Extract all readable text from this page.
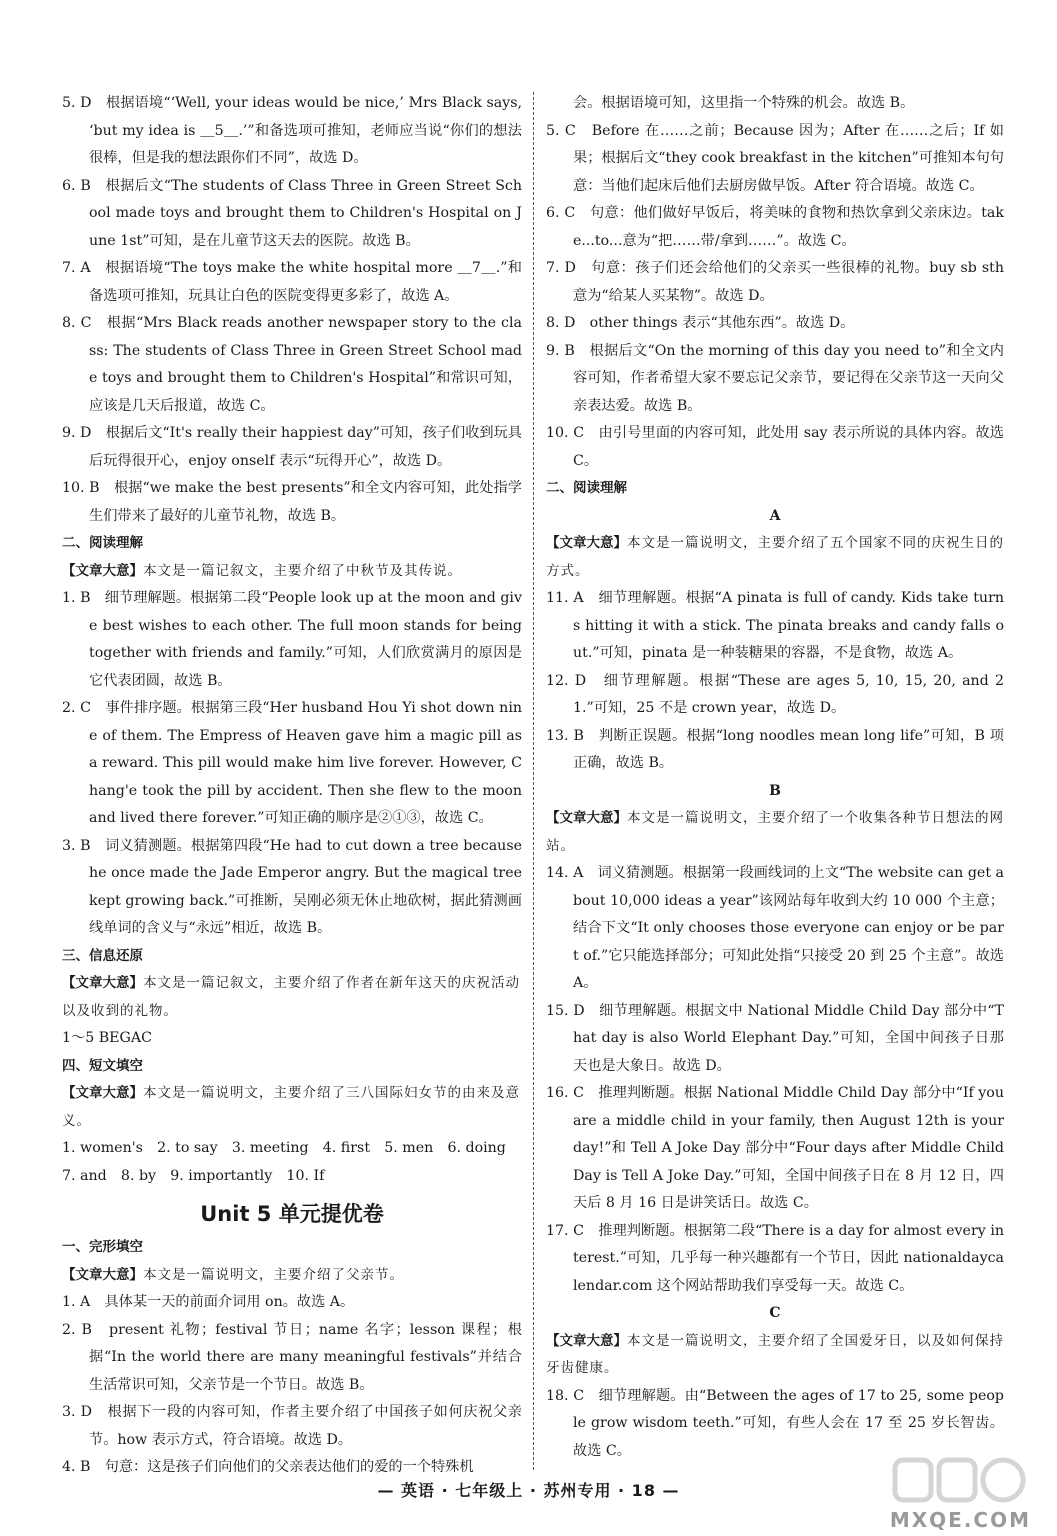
5. D　根据语境“‘Well, your ideas would be nice,’ Mrs Black says, ‘but my idea is ＿5＿.’”和备选项可推知，老师应当说“你们的想法很棒，但是我的想法跟你们不同”，故选 D。

6. B　根据后文“The students of Class Three in Green Street School made toys and brought them to Children's Hospital on June 1st”可知，是在儿童节这天去的医院。故选 B。

7. A　根据语境“The toys make the white hospital more ＿7＿.”和备选项可推知，玩具让白色的医院变得更多彩了，故选 A。

8. C　根据“Mrs Black reads another newspaper story to the class: The students of Class Three in Green Street School made toys and brought them to Children's Hospital”和常识可知，应该是几天后报道，故选 C。

9. D　根据后文“It's really their happiest day”可知，孩子们收到玩具后玩得很开心，enjoy onself 表示“玩得开心”，故选 D。

10. B　根据“we make the best presents”和全文内容可知，此处指学生们带来了最好的儿童节礼物，故选 B。

二、阅读理解

【文章大意】本文是一篇记叙文，主要介绍了中秋节及其传说。

1. B　细节理解题。根据第二段“People look up at the moon and give best wishes to each other. The full moon stands for being together with friends and family.”可知，人们欣赏满月的原因是它代表团圆，故选 B。

2. C　事件排序题。根据第三段“Her husband Hou Yi shot down nine of them. The Empress of Heaven gave him a magic pill as a reward. This pill would make him live forever. However, Chang'e took the pill by accident. Then she flew to the moon and lived there forever.”可知正确的顺序是②①③，故选 C。

3. B　词义猜测题。根据第四段“He had to cut down a tree because he once made the Jade Emperor angry. But the magical tree kept growing back.”可推断，吴刚必须无休止地砍树，据此猜测画线单词的含义与“永远”相近，故选 B。

三、信息还原

【文章大意】本文是一篇记叙文，主要介绍了作者在新年这天的庆祝活动以及收到的礼物。

1～5 BEGAC

四、短文填空

【文章大意】本文是一篇说明文，主要介绍了三八国际妇女节的由来及意义。

1. women's　2. to say　3. meeting　4. first　5. men　6. doing

7. and　8. by　9. importantly　10. If

Unit 5 单元提优卷

一、完形填空

【文章大意】本文是一篇说明文，主要介绍了父亲节。

1. A　具体某一天的前面介词用 on。故选 A。

2. B　present 礼物；festival 节日；name 名字；lesson 课程；根据“In the world there are many meaningful festivals”并结合生活常识可知，父亲节是一个节日。故选 B。

3. D　根据下一段的内容可知，作者主要介绍了中国孩子如何庆祝父亲节。how 表示方式，符合语境。故选 D。

4. B　句意：这是孩子们向他们的父亲表达他们的爱的一个特殊机

会。根据语境可知，这里指一个特殊的机会。故选 B。

5. C　Before 在……之前；Because 因为；After 在……之后；If 如果；根据后文“they cook breakfast in the kitchen”可推知本句句意：当他们起床后他们去厨房做早饭。After 符合语境。故选 C。

6. C　句意：他们做好早饭后，将美味的食物和热饮拿到父亲床边。take...to...意为“把……带/拿到……”。故选 C。

7. D　句意：孩子们还会给他们的父亲买一些很棒的礼物。buy sb sth 意为“给某人买某物”。故选 D。

8. D　other things 表示“其他东西”。故选 D。

9. B　根据后文“On the morning of this day you need to”和全文内容可知，作者希望大家不要忘记父亲节，要记得在父亲节这一天向父亲表达爱。故选 B。

10. C　由引号里面的内容可知，此处用 say 表示所说的具体内容。故选 C。

二、阅读理解

A

【文章大意】本文是一篇说明文，主要介绍了五个国家不同的庆祝生日的方式。

11. A　细节理解题。根据“A pinata is full of candy. Kids take turns hitting it with a stick. The pinata breaks and candy falls out.”可知，pinata 是一种装糖果的容器，不是食物，故选 A。

12. D　细节理解题。根据“These are ages 5, 10, 15, 20, and 21.”可知，25 不是 crown year，故选 D。

13. B　判断正误题。根据“long noodles mean long life”可知，B 项正确，故选 B。

B

【文章大意】本文是一篇说明文，主要介绍了一个收集各种节日想法的网站。

14. A　词义猜测题。根据第一段画线词的上文“The website can get about 10,000 ideas a year”该网站每年收到大约 10 000 个主意；结合下文“It only chooses those everyone can enjoy or be part of.”它只能选择部分；可知此处指“只接受 20 到 25 个主意”。故选 A。

15. D　细节理解题。根据文中 National Middle Child Day 部分中“That day is also World Elephant Day.”可知，全国中间孩子日那天也是大象日。故选 D。

16. C　推理判断题。根据 National Middle Child Day 部分中“If you are a middle child in your family, then August 12th is your day!”和 Tell A Joke Day 部分中“Four days after Middle Child Day is Tell A Joke Day.”可知，全国中间孩子日在 8 月 12 日，四天后 8 月 16 日是讲笑话日。故选 C。

17. C　推理判断题。根据第二段“There is a day for almost every interest.”可知，几乎每一种兴趣都有一个节日，因此 nationaldaycalendar.com 这个网站帮助我们享受每一天。故选 C。

C

【文章大意】本文是一篇说明文，主要介绍了全国爱牙日，以及如何保持牙齿健康。

18. C　细节理解题。由“Between the ages of 17 to 25, some people grow wisdom teeth.”可知，有些人会在 17 至 25 岁长智齿。故选 C。

— 英语 · 七年级上 · 苏州专用 · 18 —
MXQE.COM
